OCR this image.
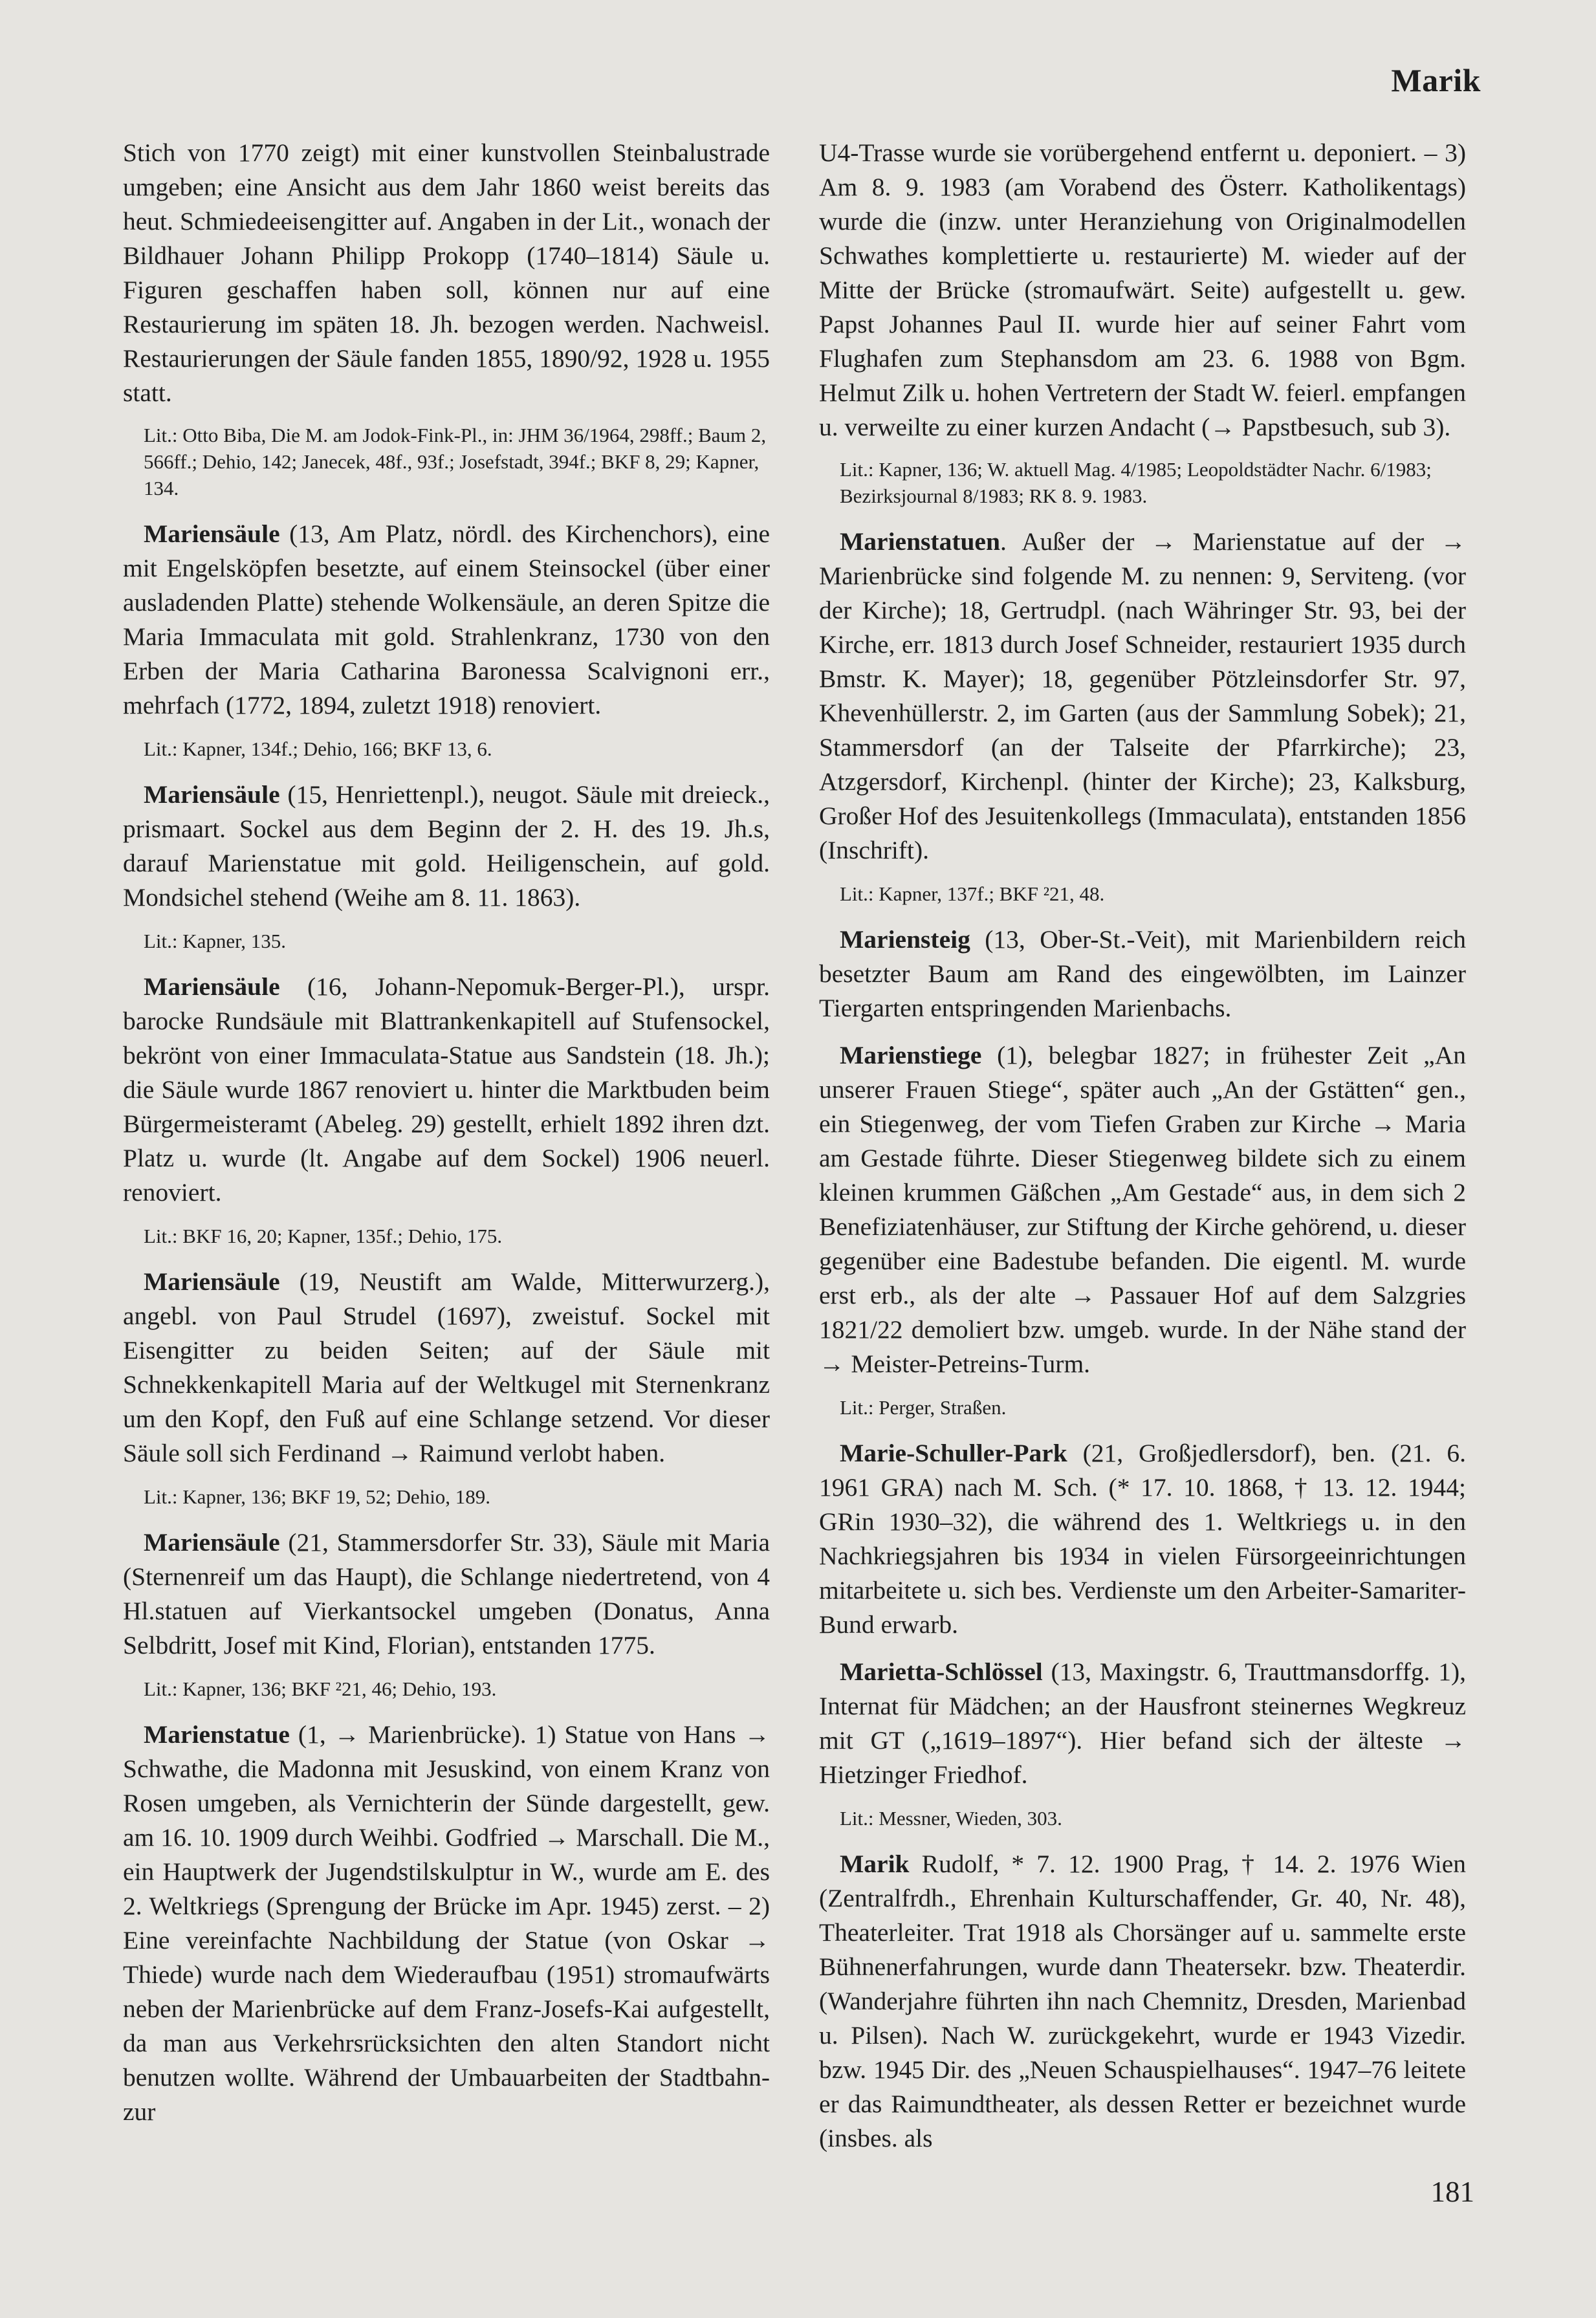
Marik

Stich von 1770 zeigt) mit einer kunstvollen Steinbalustrade umgeben; eine Ansicht aus dem Jahr 1860 weist bereits das heut. Schmiedeeisengitter auf. Angaben in der Lit., wonach der Bildhauer Johann Philipp Prokopp (1740–1814) Säule u. Figuren geschaffen haben soll, können nur auf eine Restaurierung im späten 18. Jh. bezogen werden. Nachweisl. Restaurierungen der Säule fanden 1855, 1890/92, 1928 u. 1955 statt.

Lit.: Otto Biba, Die M. am Jodok-Fink-Pl., in: JHM 36/1964, 298ff.; Baum 2, 566ff.; Dehio, 142; Janecek, 48f., 93f.; Josefstadt, 394f.; BKF 8, 29; Kapner, 134.

Mariensäule (13, Am Platz, nördl. des Kirchenchors), eine mit Engelsköpfen besetzte, auf einem Steinsockel (über einer ausladenden Platte) stehende Wolkensäule, an deren Spitze die Maria Immaculata mit gold. Strahlenkranz, 1730 von den Erben der Maria Catharina Baronessa Scalvignoni err., mehrfach (1772, 1894, zuletzt 1918) renoviert.

Lit.: Kapner, 134f.; Dehio, 166; BKF 13, 6.

Mariensäule (15, Henriettenpl.), neugot. Säule mit dreieck., prismaart. Sockel aus dem Beginn der 2. H. des 19. Jh.s, darauf Marienstatue mit gold. Heiligenschein, auf gold. Mondsichel stehend (Weihe am 8. 11. 1863).

Lit.: Kapner, 135.

Mariensäule (16, Johann-Nepomuk-Berger-Pl.), urspr. barocke Rundsäule mit Blattrankenkapitell auf Stufensockel, bekrönt von einer Immaculata-Statue aus Sandstein (18. Jh.); die Säule wurde 1867 renoviert u. hinter die Marktbuden beim Bürgermeisteramt (Abeleg. 29) gestellt, erhielt 1892 ihren dzt. Platz u. wurde (lt. Angabe auf dem Sockel) 1906 neuerl. renoviert.

Lit.: BKF 16, 20; Kapner, 135f.; Dehio, 175.

Mariensäule (19, Neustift am Walde, Mitterwurzerg.), angebl. von Paul Strudel (1697), zweistuf. Sockel mit Eisengitter zu beiden Seiten; auf der Säule mit Schnekkenkapitell Maria auf der Weltkugel mit Sternenkranz um den Kopf, den Fuß auf eine Schlange setzend. Vor dieser Säule soll sich Ferdinand → Raimund verlobt haben.

Lit.: Kapner, 136; BKF 19, 52; Dehio, 189.

Mariensäule (21, Stammersdorfer Str. 33), Säule mit Maria (Sternenreif um das Haupt), die Schlange niedertretend, von 4 Hl.statuen auf Vierkantsockel umgeben (Donatus, Anna Selbdritt, Josef mit Kind, Florian), entstanden 1775.

Lit.: Kapner, 136; BKF ²21, 46; Dehio, 193.

Marienstatue (1, → Marienbrücke). 1) Statue von Hans → Schwathe, die Madonna mit Jesuskind, von einem Kranz von Rosen umgeben, als Vernichterin der Sünde dargestellt, gew. am 16. 10. 1909 durch Weihbi. Godfried → Marschall. Die M., ein Hauptwerk der Jugendstilskulptur in W., wurde am E. des 2. Weltkriegs (Sprengung der Brücke im Apr. 1945) zerst. – 2) Eine vereinfachte Nachbildung der Statue (von Oskar → Thiede) wurde nach dem Wiederaufbau (1951) stromaufwärts neben der Marienbrücke auf dem Franz-Josefs-Kai aufgestellt, da man aus Verkehrsrücksichten den alten Standort nicht benutzen wollte. Während der Umbauarbeiten der Stadtbahn- zur

U4-Trasse wurde sie vorübergehend entfernt u. deponiert. – 3) Am 8. 9. 1983 (am Vorabend des Österr. Katholikentags) wurde die (inzw. unter Heranziehung von Originalmodellen Schwathes komplettierte u. restaurierte) M. wieder auf der Mitte der Brücke (stromaufwärt. Seite) aufgestellt u. gew. Papst Johannes Paul II. wurde hier auf seiner Fahrt vom Flughafen zum Stephansdom am 23. 6. 1988 von Bgm. Helmut Zilk u. hohen Vertretern der Stadt W. feierl. empfangen u. verweilte zu einer kurzen Andacht (→ Papstbesuch, sub 3).

Lit.: Kapner, 136; W. aktuell Mag. 4/1985; Leopoldstädter Nachr. 6/1983; Bezirksjournal 8/1983; RK 8. 9. 1983.

Marienstatuen. Außer der → Marienstatue auf der → Marienbrücke sind folgende M. zu nennen: 9, Serviteng. (vor der Kirche); 18, Gertrudpl. (nach Währinger Str. 93, bei der Kirche, err. 1813 durch Josef Schneider, restauriert 1935 durch Bmstr. K. Mayer); 18, gegenüber Pötzleinsdorfer Str. 97, Khevenhüllerstr. 2, im Garten (aus der Sammlung Sobek); 21, Stammersdorf (an der Talseite der Pfarrkirche); 23, Atzgersdorf, Kirchenpl. (hinter der Kirche); 23, Kalksburg, Großer Hof des Jesuitenkollegs (Immaculata), entstanden 1856 (Inschrift).

Lit.: Kapner, 137f.; BKF ²21, 48.

Mariensteig (13, Ober-St.-Veit), mit Marienbildern reich besetzter Baum am Rand des eingewölbten, im Lainzer Tiergarten entspringenden Marienbachs.

Marienstiege (1), belegbar 1827; in frühester Zeit „An unserer Frauen Stiege“, später auch „An der Gstätten“ gen., ein Stiegenweg, der vom Tiefen Graben zur Kirche → Maria am Gestade führte. Dieser Stiegenweg bildete sich zu einem kleinen krummen Gäßchen „Am Gestade“ aus, in dem sich 2 Benefiziatenhäuser, zur Stiftung der Kirche gehörend, u. dieser gegenüber eine Badestube befanden. Die eigentl. M. wurde erst erb., als der alte → Passauer Hof auf dem Salzgries 1821/22 demoliert bzw. umgeb. wurde. In der Nähe stand der → Meister-Petreins-Turm.

Lit.: Perger, Straßen.

Marie-Schuller-Park (21, Großjedlersdorf), ben. (21. 6. 1961 GRA) nach M. Sch. (* 17. 10. 1868, † 13. 12. 1944; GRin 1930–32), die während des 1. Weltkriegs u. in den Nachkriegsjahren bis 1934 in vielen Fürsorgeeinrichtungen mitarbeitete u. sich bes. Verdienste um den Arbeiter-Samariter-Bund erwarb.

Marietta-Schlössel (13, Maxingstr. 6, Trauttmansdorffg. 1), Internat für Mädchen; an der Hausfront steinernes Wegkreuz mit GT („1619–1897“). Hier befand sich der älteste → Hietzinger Friedhof.

Lit.: Messner, Wieden, 303.

Marik Rudolf, * 7. 12. 1900 Prag, † 14. 2. 1976 Wien (Zentralfrdh., Ehrenhain Kulturschaffender, Gr. 40, Nr. 48), Theaterleiter. Trat 1918 als Chorsänger auf u. sammelte erste Bühnenerfahrungen, wurde dann Theatersekr. bzw. Theaterdir. (Wanderjahre führten ihn nach Chemnitz, Dresden, Marienbad u. Pilsen). Nach W. zurückgekehrt, wurde er 1943 Vizedir. bzw. 1945 Dir. des „Neuen Schauspielhauses“. 1947–76 leitete er das Raimundtheater, als dessen Retter er bezeichnet wurde (insbes. als

181
